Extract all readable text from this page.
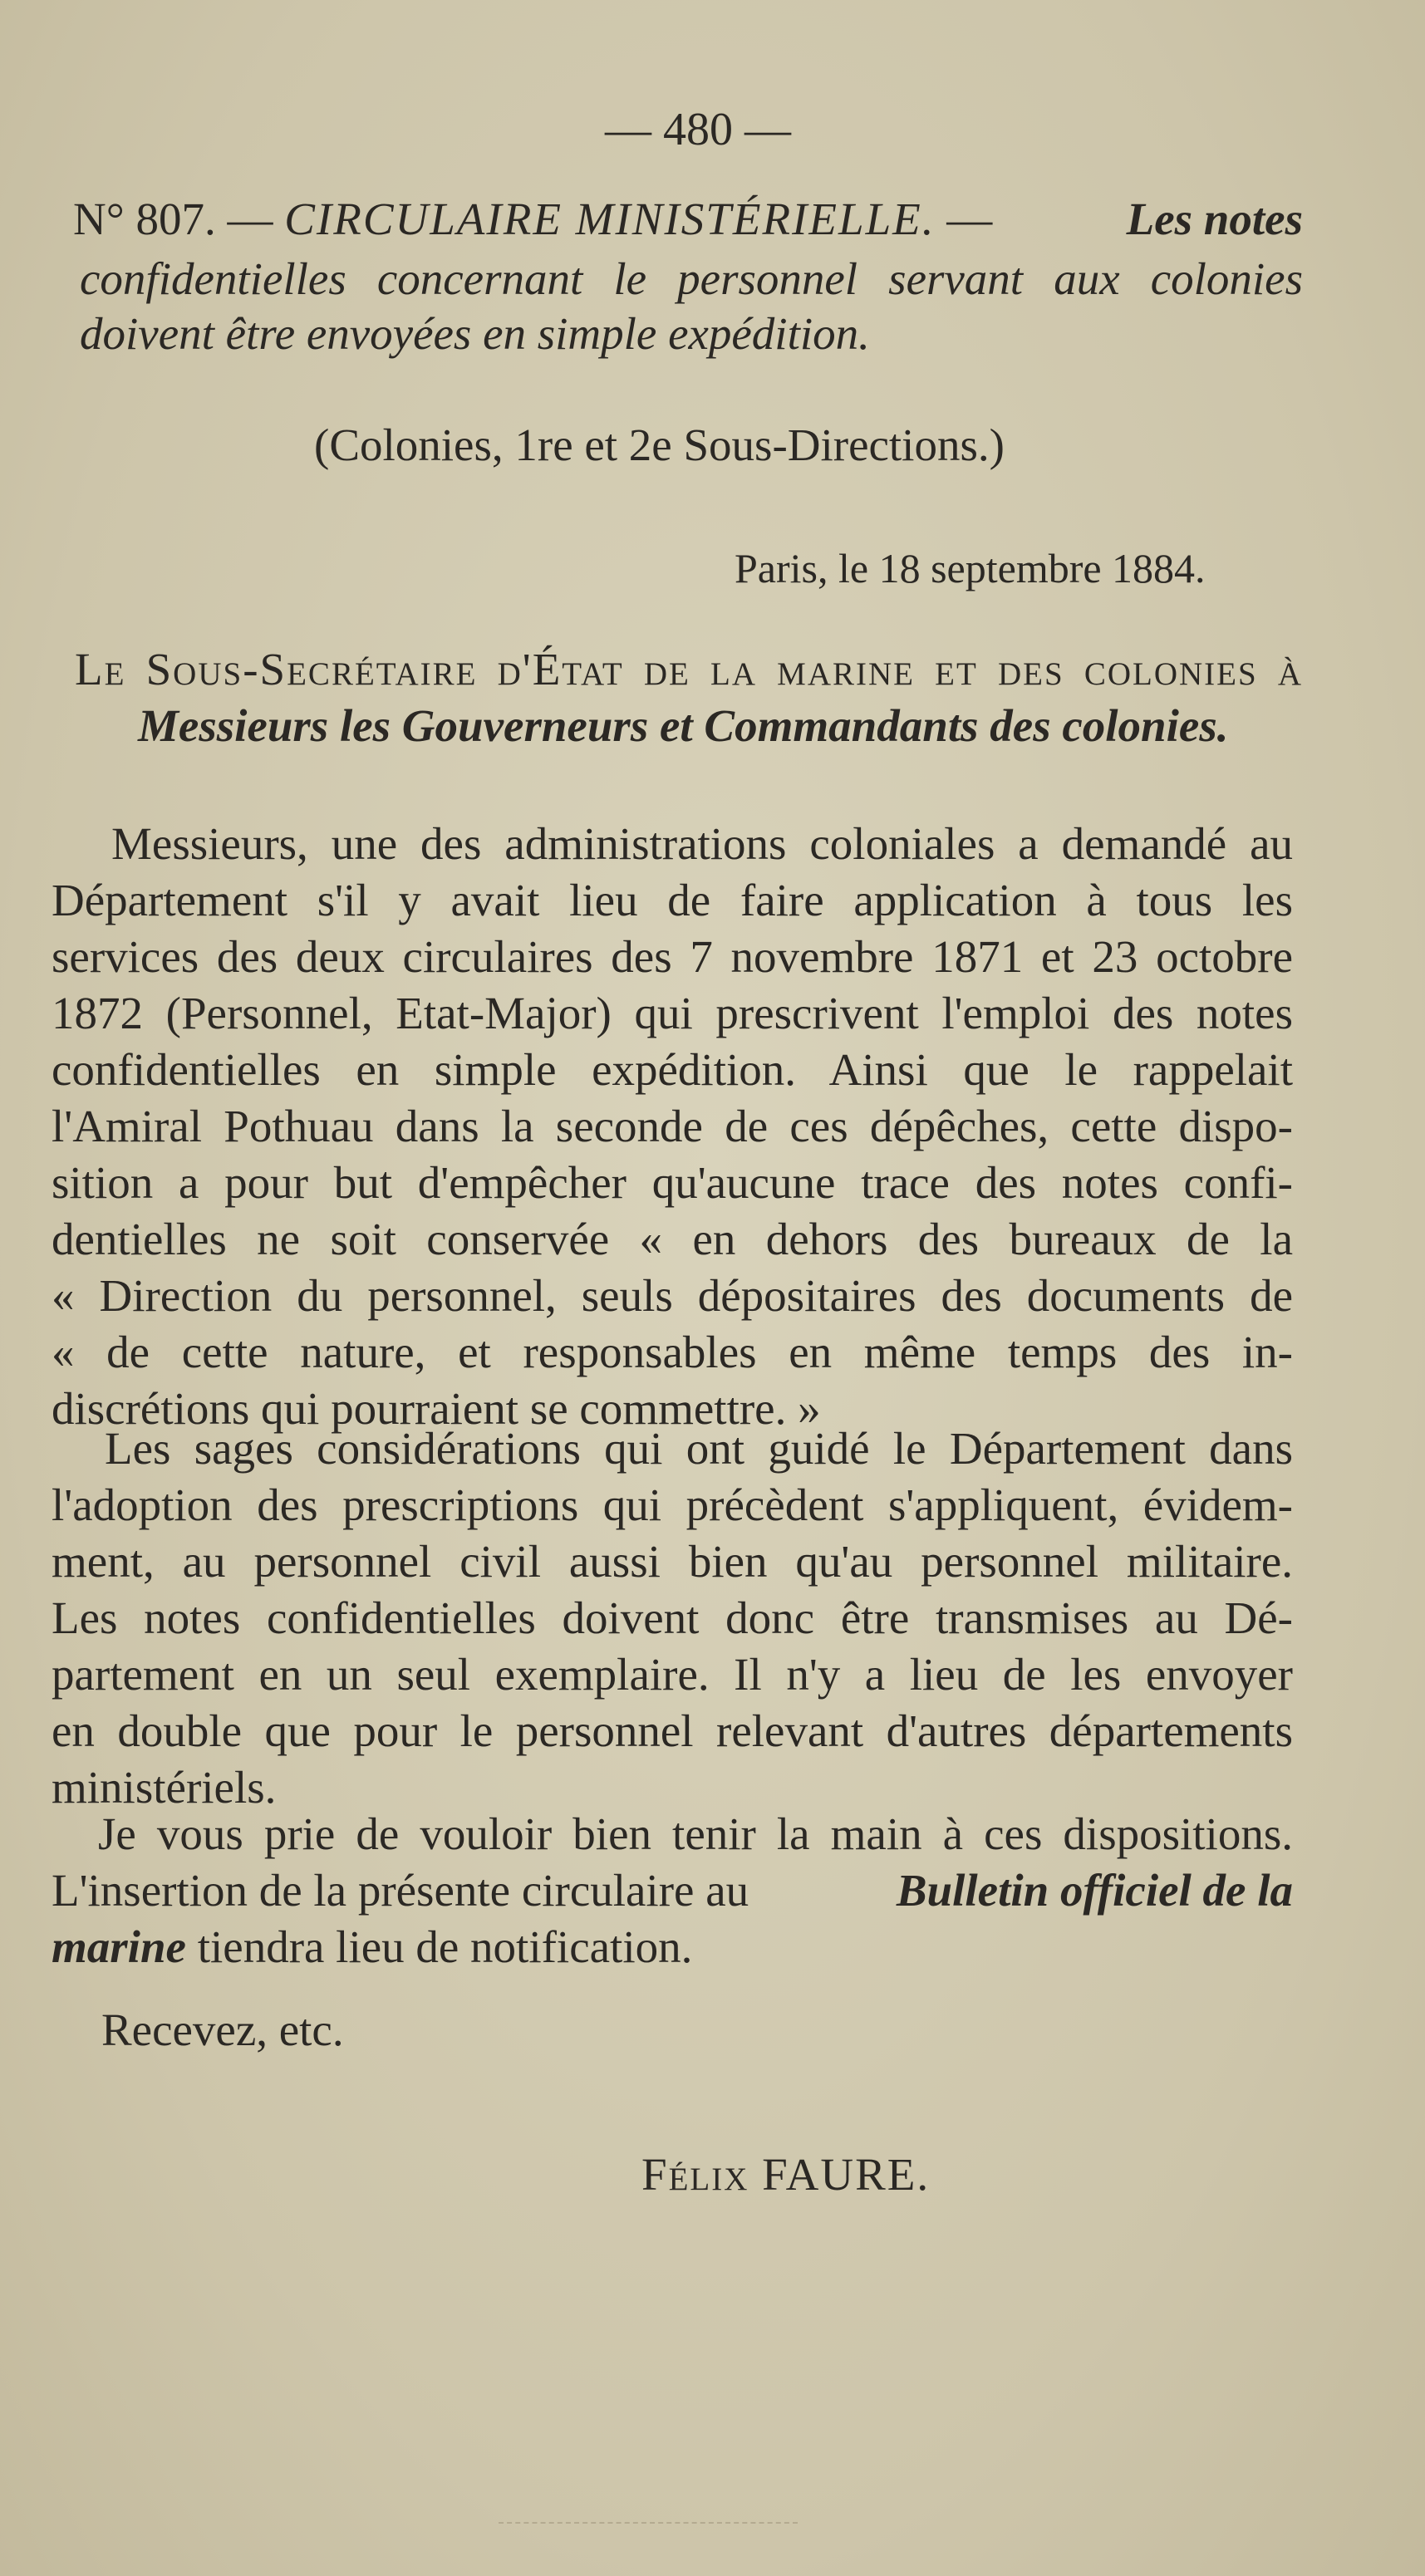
— 480 —
N° 807. — CIRCULAIRE MINISTÉRIELLE. —	Les notes
confidentielles concernant le personnel servant aux colonies
doivent être envoyées en simple expédition.
(Colonies, 1re et 2e Sous-Directions.)
Paris, le 18 septembre 1884.
Le Sous-Secrétaire d'État de la marine et des colonies à
Messieurs les Gouverneurs et Commandants des colonies.
Messieurs, une des administrations coloniales a demandé au
Département s'il y avait lieu de faire application à tous les
services des deux circulaires des 7 novembre 1871 et 23 octobre
1872 (Personnel, Etat-Major) qui prescrivent l'emploi des notes
confidentielles en simple expédition. Ainsi que le rappelait
l'Amiral Pothuau dans la seconde de ces dépêches, cette dispo-
sition a pour but d'empêcher qu'aucune trace des notes confi-
dentielles ne soit conservée « en dehors des bureaux de la
« Direction du personnel, seuls dépositaires des documents de
« de cette nature, et responsables en même temps des in-
discrétions qui pourraient se commettre. »
Les sages considérations qui ont guidé le Département dans
l'adoption des prescriptions qui précèdent s'appliquent, évidem-
ment, au personnel civil aussi bien qu'au personnel militaire.
Les notes confidentielles doivent donc être transmises au Dé-
partement en un seul exemplaire. Il n'y a lieu de les envoyer
en double que pour le personnel relevant d'autres départements
ministériels.
Je vous prie de vouloir bien tenir la main à ces dispositions.
L'insertion de la présente circulaire au	Bulletin officiel de la
marine tiendra lieu de notification.
Recevez, etc.
Félix FAURE.
